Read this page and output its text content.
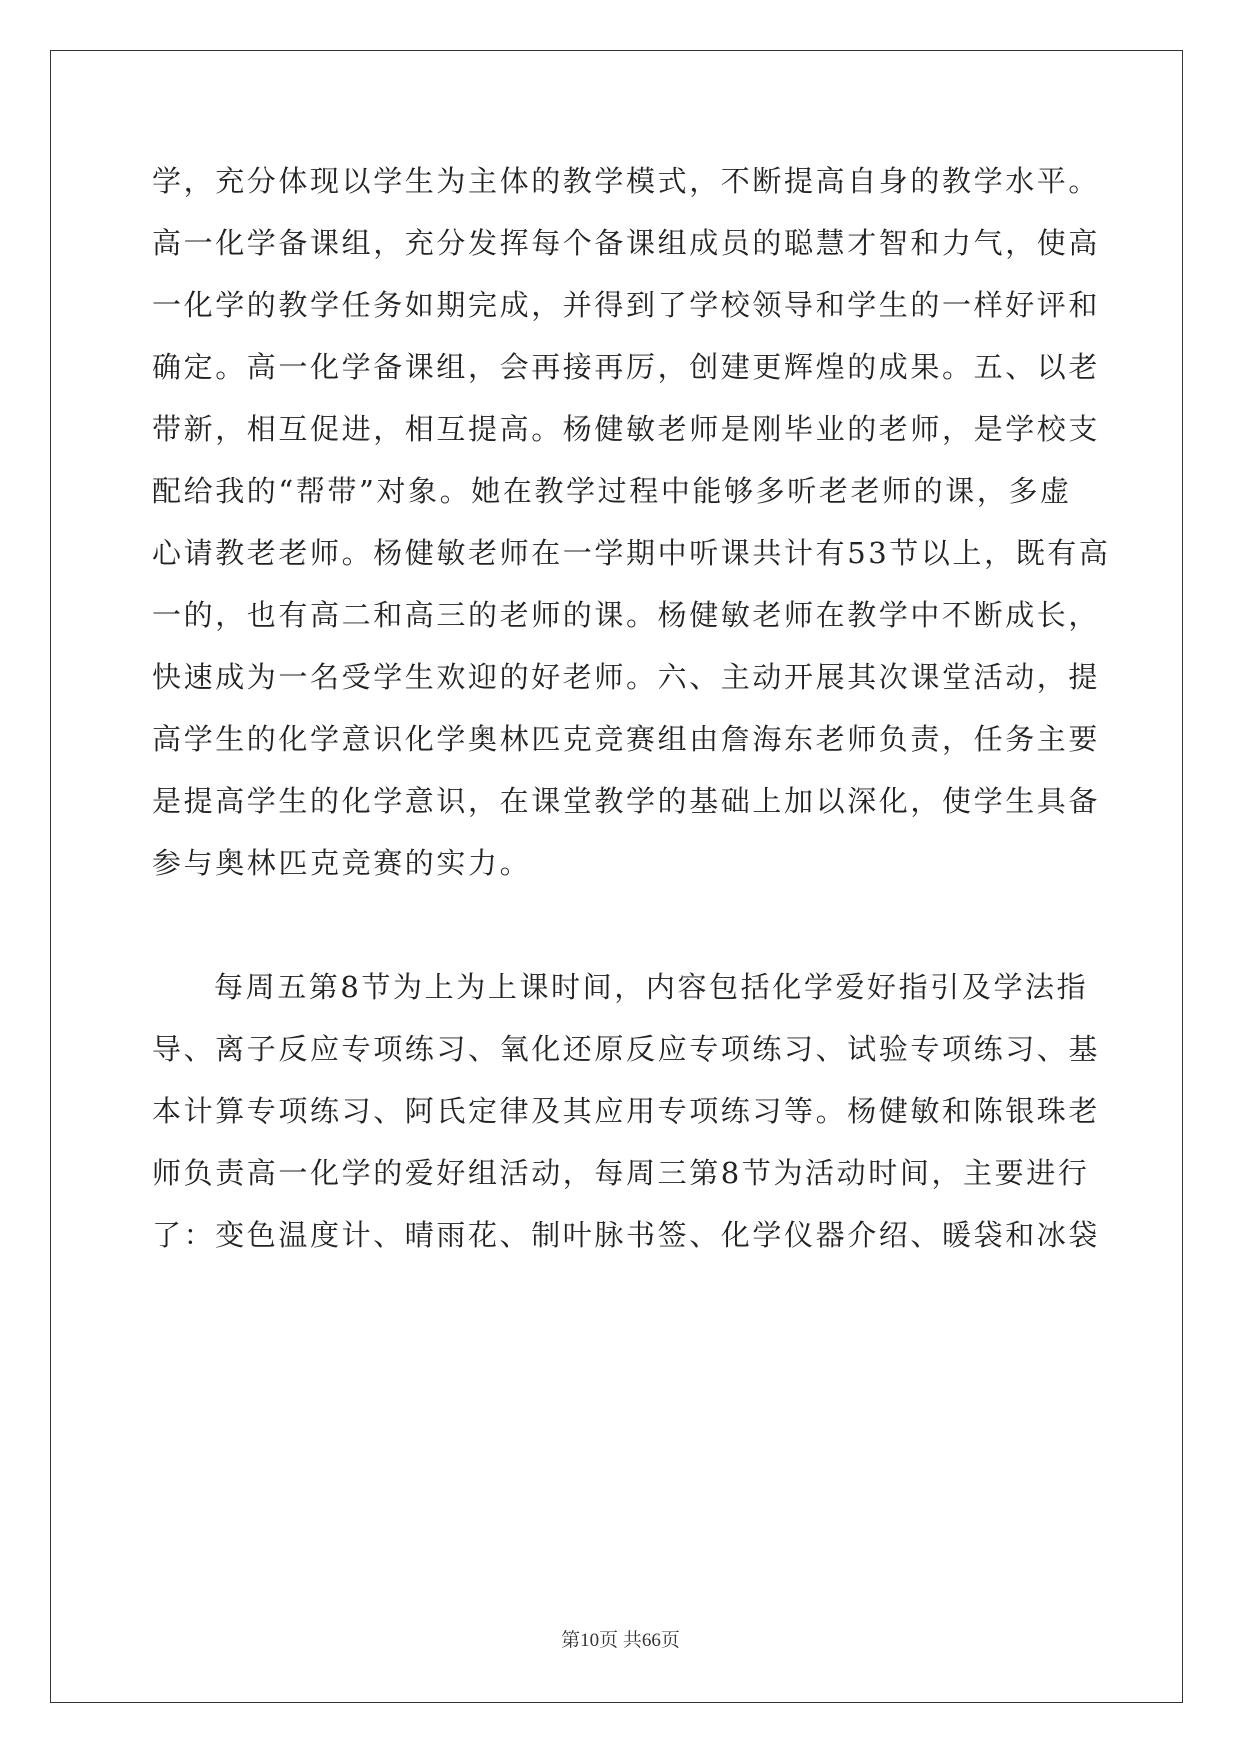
学，充分体现以学生为主体的教学模式，不断提高自身的教学水平。
高一化学备课组，充分发挥每个备课组成员的聪慧才智和力气，使高
一化学的教学任务如期完成，并得到了学校领导和学生的一样好评和
确定。高一化学备课组，会再接再厉，创建更辉煌的成果。五、以老
带新，相互促进，相互提高。杨健敏老师是刚毕业的老师，是学校支
配给我的“帮带”对象。她在教学过程中能够多听老老师的课，多虚
心请教老老师。杨健敏老师在一学期中听课共计有53节以上，既有高
一的，也有高二和高三的老师的课。杨健敏老师在教学中不断成长，
快速成为一名受学生欢迎的好老师。六、主动开展其次课堂活动，提
高学生的化学意识化学奥林匹克竞赛组由詹海东老师负责，任务主要
是提高学生的化学意识，在课堂教学的基础上加以深化，使学生具备
参与奥林匹克竞赛的实力。
每周五第8节为上为上课时间，内容包括化学爱好指引及学法指
导、离子反应专项练习、氧化还原反应专项练习、试验专项练习、基
本计算专项练习、阿氏定律及其应用专项练习等。杨健敏和陈银珠老
师负责高一化学的爱好组活动，每周三第8节为活动时间，主要进行
了：变色温度计、晴雨花、制叶脉书签、化学仪器介绍、暖袋和冰袋
第10页 共66页
